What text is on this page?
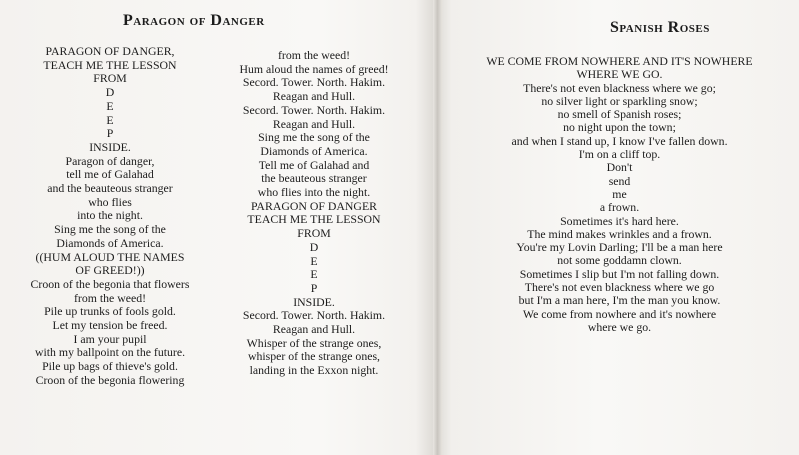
Paragon of Danger
PARAGON OF DANGER,
TEACH ME THE LESSON
FROM
D
E
E
P
INSIDE.
Paragon of danger,
tell me of Galahad
and the beauteous stranger
who flies
into the night.
Sing me the song of the
Diamonds of America.
((HUM ALOUD THE NAMES
OF GREED!))
Croon of the begonia that flowers
from the weed!
Pile up trunks of fools gold.
Let my tension be freed.
I am your pupil
with my ballpoint on the future.
Pile up bags of thieve's gold.
Croon of the begonia flowering
from the weed!
Hum aloud the names of greed!
Secord. Tower. North. Hakim.
Reagan and Hull.
Secord. Tower. North. Hakim.
Reagan and Hull.
Sing me the song of the
Diamonds of America.
Tell me of Galahad and
the beauteous stranger
who flies into the night.
PARAGON OF DANGER
TEACH ME THE LESSON
FROM
D
E
E
P
INSIDE.
Secord. Tower. North. Hakim.
Reagan and Hull.
Whisper of the strange ones,
whisper of the strange ones,
landing in the Exxon night.
Spanish Roses
WE COME FROM NOWHERE AND IT'S NOWHERE
WHERE WE GO.
There's not even blackness where we go;
no silver light or sparkling snow;
no smell of Spanish roses;
no night upon the town;
and when I stand up, I know I've fallen down.
I'm on a cliff top.
Don't
send
me
a frown.
Sometimes it's hard here.
The mind makes wrinkles and a frown.
You're my Lovin Darling; I'll be a man here
not some goddamn clown.
Sometimes I slip but I'm not falling down.
There's not even blackness where we go
but I'm a man here, I'm the man you know.
We come from nowhere and it's nowhere
where we go.
